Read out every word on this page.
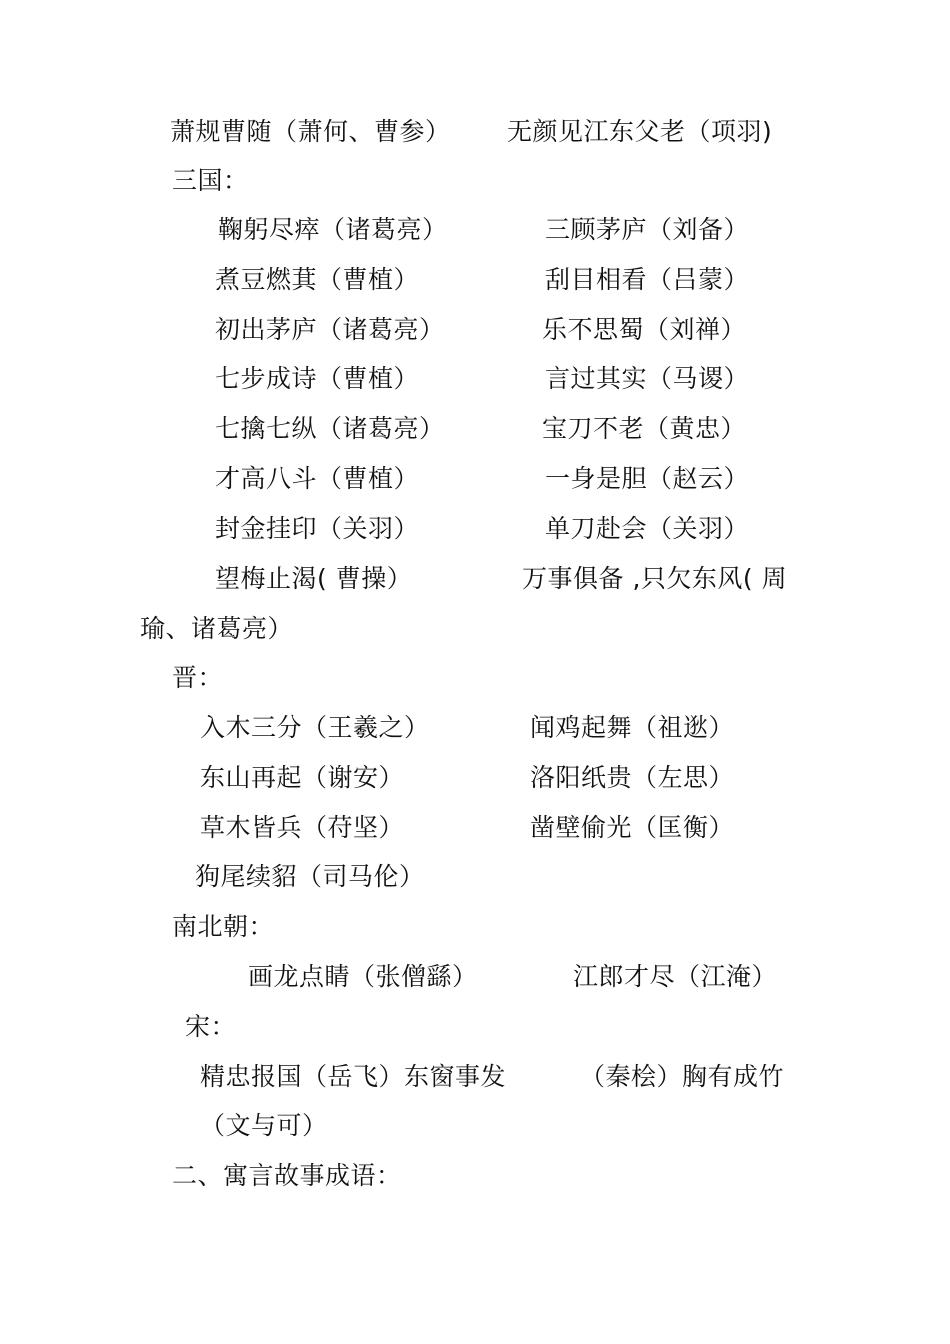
萧规曹随（萧何、曹参） 无颜见江东父老（项羽)
三国：
鞠躬尽瘁（诸葛亮）	三顾茅庐（刘备）
煮豆燃萁（曹植）	刮目相看（吕蒙）
初出茅庐（诸葛亮）	乐不思蜀（刘禅）
七步成诗（曹植）	言过其实（马谡）
七擒七纵（诸葛亮）	宝刀不老（黄忠）
才高八斗（曹植）	一身是胆（赵云）
封金挂印（关羽）	单刀赴会（关羽）
望梅止渴( 曹操）	万事俱备 ,只欠东风( 周
瑜、诸葛亮）
晋：
入木三分（王羲之）	闻鸡起舞（祖逖）
东山再起（谢安）	洛阳纸贵（左思）
草木皆兵（苻坚）	凿壁偷光（匡衡）
狗尾续貂（司马伦）
南北朝：
画龙点睛（张僧繇）	江郎才尽（江淹）
宋：
精忠报国（岳飞）东窗事发	（秦桧）胸有成竹
（文与可）
二、寓言故事成语：
